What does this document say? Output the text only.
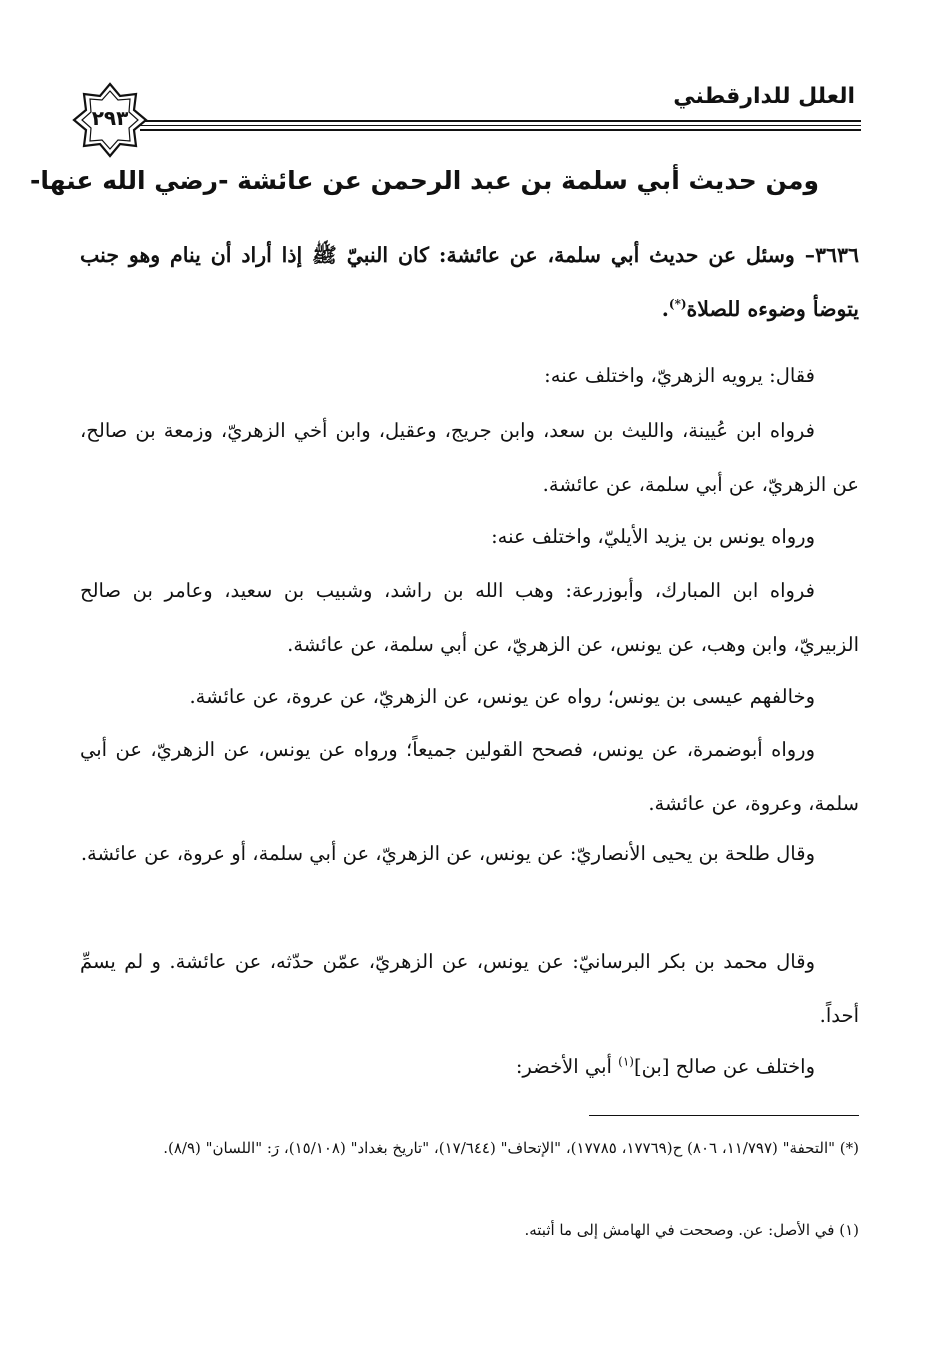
العلل للدارقطني
٢٩٣
ومن حديث أبي سلمة بن عبد الرحمن عن عائشة -رضي الله عنها-
٣٦٣٦– وسئل عن حديث أبي سلمة، عن عائشة: كان النبيّ ﷺ إذا أراد أن ينام وهو جنب يتوضأ وضوءه للصلاة(*).
فقال: يرويه الزهريّ، واختلف عنه:
فرواه ابن عُيينة، والليث بن سعد، وابن جريج، وعقيل، وابن أخي الزهريّ، وزمعة بن صالح، عن الزهريّ، عن أبي سلمة، عن عائشة.
ورواه يونس بن يزيد الأيليّ، واختلف عنه:
فرواه ابن المبارك، وأبوزرعة: وهب الله بن راشد، وشبيب بن سعيد، وعامر بن صالح الزبيريّ، وابن وهب، عن يونس، عن الزهريّ، عن أبي سلمة، عن عائشة.
وخالفهم عيسى بن يونس؛ رواه عن يونس، عن الزهريّ، عن عروة، عن عائشة.
ورواه أبوضمرة، عن يونس، فصحح القولين جميعاً؛ ورواه عن يونس، عن الزهريّ، عن أبي سلمة، وعروة، عن عائشة.
وقال طلحة بن يحيى الأنصاريّ: عن يونس، عن الزهريّ، عن أبي سلمة، أو عروة، عن عائشة.
وقال محمد بن بكر البرسانيّ: عن يونس، عن الزهريّ، عمّن حدّثه، عن عائشة. و لم يسمِّ أحداً.
واختلف عن صالح [بن]$^{(١)}$ أبي الأخضر:
(*) "التحفة" (١١/٧٩٧، ٨٠٦) ح(١٧٧٦٩، ١٧٧٨٥)، "الإتحاف" (١٧/٦٤٤)، "تاريخ بغداد" (١٥/١٠٨)، رَ: "اللسان" (٨/٩).
(١) في الأصل: عن. وصححت في الهامش إلى ما أثبته.
